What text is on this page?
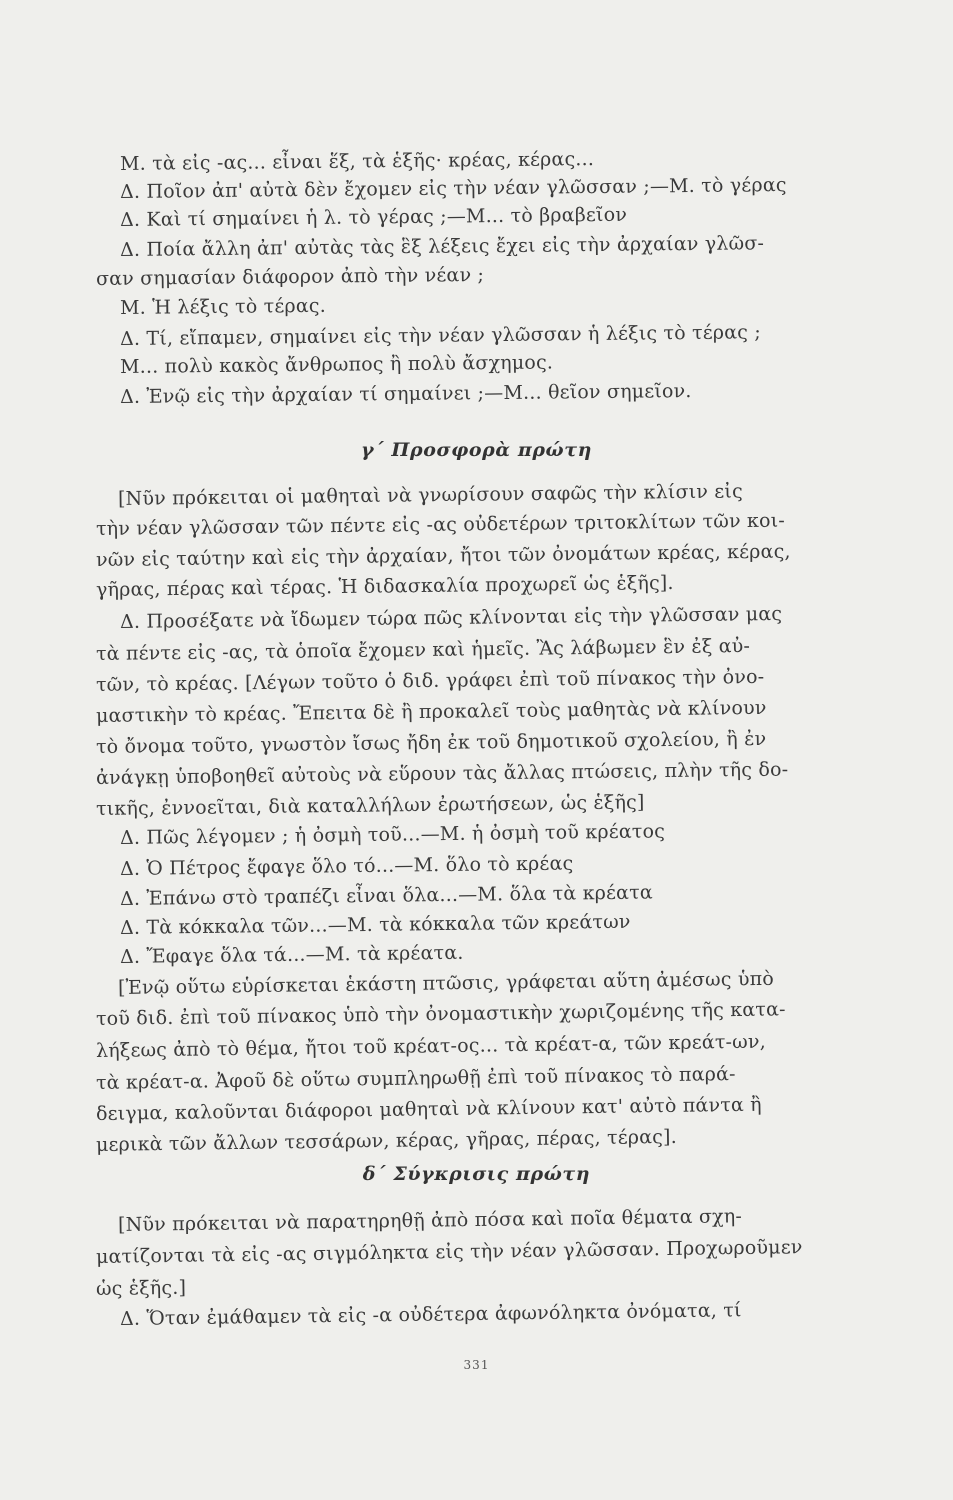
Μ. τὰ εἰς -ας... εἶναι ἕξ, τὰ ἑξῆς· κρέας, κέρας...
Δ. Ποῖον ἀπ' αὐτὰ δὲν ἔχομεν εἰς τὴν νέαν γλῶσσαν ;—Μ. τὸ γέρας
Δ. Καὶ τί σημαίνει ἡ λ. τὸ γέρας ;—Μ... τὸ βραβεῖον
Δ. Ποία ἄλλη ἀπ' αὐτὰς τὰς ἓξ λέξεις ἔχει εἰς τὴν ἀρχαίαν γλῶσ-
σαν σημασίαν διάφορον ἀπὸ τὴν νέαν ;
Μ. Ἡ λέξις τὸ τέρας.
Δ. Τί, εἴπαμεν, σημαίνει εἰς τὴν νέαν γλῶσσαν ἡ λέξις τὸ τέρας ;
Μ... πολὺ κακὸς ἄνθρωπος ἢ πολὺ ἄσχημος.
Δ. Ἐνῷ εἰς τὴν ἀρχαίαν τί σημαίνει ;—Μ... θεῖον σημεῖον.
γ΄ Προσφορὰ πρώτη
[Νῦν πρόκειται οἱ μαθηταὶ νὰ γνωρίσουν σαφῶς τὴν κλίσιν εἰς
τὴν νέαν γλῶσσαν τῶν πέντε εἰς -ας οὐδετέρων τριτοκλίτων τῶν κοι-
νῶν εἰς ταύτην καὶ εἰς τὴν ἀρχαίαν, ἤτοι τῶν ὀνομάτων κρέας, κέρας,
γῆρας, πέρας καὶ τέρας. Ἡ διδασκαλία προχωρεῖ ὡς ἑξῆς].
Δ. Προσέξατε νὰ ἴδωμεν τώρα πῶς κλίνονται εἰς τὴν γλῶσσαν μας
τὰ πέντε εἰς -ας, τὰ ὁποῖα ἔχομεν καὶ ἡμεῖς. Ἂς λάβωμεν ἓν ἐξ αὐ-
τῶν, τὸ κρέας. [Λέγων τοῦτο ὁ διδ. γράφει ἐπὶ τοῦ πίνακος τὴν ὀνο-
μαστικὴν τὸ κρέας. Ἔπειτα δὲ ἢ προκαλεῖ τοὺς μαθητὰς νὰ κλίνουν
τὸ ὄνομα τοῦτο, γνωστὸν ἴσως ἤδη ἐκ τοῦ δημοτικοῦ σχολείου, ἢ ἐν
ἀνάγκῃ ὑποβοηθεῖ αὐτοὺς νὰ εὕρουν τὰς ἄλλας πτώσεις, πλὴν τῆς δο-
τικῆς, ἐννοεῖται, διὰ καταλλήλων ἐρωτήσεων, ὡς ἑξῆς]
Δ. Πῶς λέγομεν ; ἡ ὀσμὴ τοῦ...—Μ. ἡ ὀσμὴ τοῦ κρέατος
Δ. Ὁ Πέτρος ἔφαγε ὅλο τό...—Μ. ὅλο τὸ κρέας
Δ. Ἐπάνω στὸ τραπέζι εἶναι ὅλα...—Μ. ὅλα τὰ κρέατα
Δ. Τὰ κόκκαλα τῶν...—Μ. τὰ κόκκαλα τῶν κρεάτων
Δ. Ἔφαγε ὅλα τά...—Μ. τὰ κρέατα.
[Ἐνῷ οὕτω εὑρίσκεται ἑκάστη πτῶσις, γράφεται αὕτη ἀμέσως ὑπὸ
τοῦ διδ. ἐπὶ τοῦ πίνακος ὑπὸ τὴν ὀνομαστικὴν χωριζομένης τῆς κατα-
λήξεως ἀπὸ τὸ θέμα, ἤτοι τοῦ κρέατ-ος... τὰ κρέατ-α, τῶν κρεάτ-ων,
τὰ κρέατ-α. Ἀφοῦ δὲ οὕτω συμπληρωθῇ ἐπὶ τοῦ πίνακος τὸ παρά-
δειγμα, καλοῦνται διάφοροι μαθηταὶ νὰ κλίνουν κατ' αὐτὸ πάντα ἢ
μερικὰ τῶν ἄλλων τεσσάρων, κέρας, γῆρας, πέρας, τέρας].
δ΄ Σύγκρισις πρώτη
[Νῦν πρόκειται νὰ παρατηρηθῇ ἀπὸ πόσα καὶ ποῖα θέματα σχη-
ματίζονται τὰ εἰς -ας σιγμόληκτα εἰς τὴν νέαν γλῶσσαν. Προχωροῦμεν
ὡς ἑξῆς.]
Δ. Ὅταν ἐμάθαμεν τὰ εἰς -α οὐδέτερα ἀφωνόληκτα ὀνόματα, τί
331
